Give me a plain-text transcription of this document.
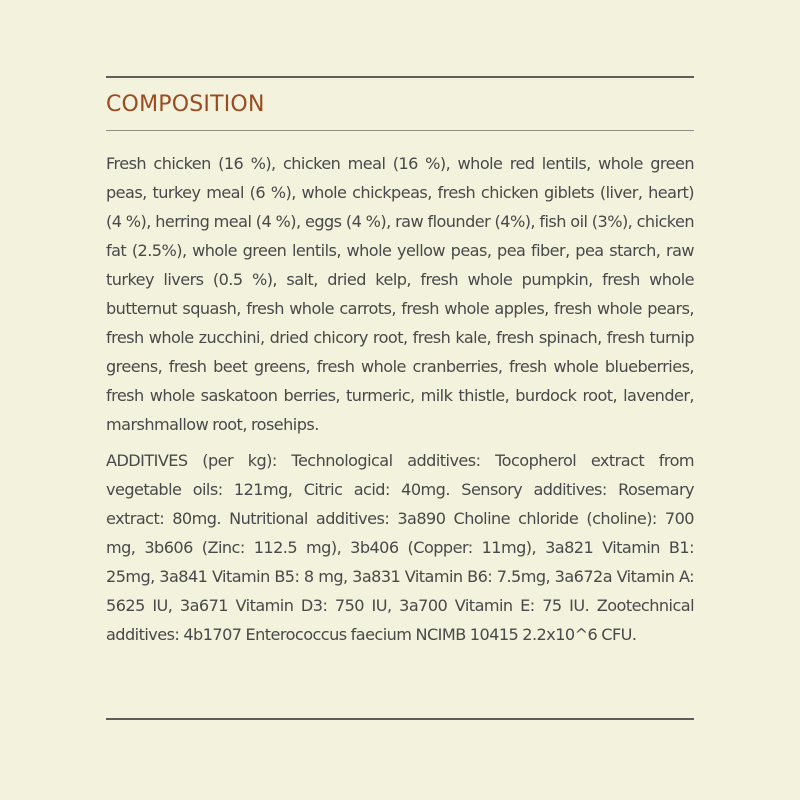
COMPOSITION

Fresh chicken (16 %), chicken meal (16 %), whole red lentils, whole green peas, turkey meal (6 %), whole chickpeas, fresh chicken giblets (liver, heart) (4 %), herring meal (4 %), eggs (4 %), raw flounder (4%), fish oil (3%), chicken fat (2.5%), whole green lentils, whole yellow peas, pea fiber, pea starch, raw turkey livers (0.5 %), salt, dried kelp, fresh whole pumpkin, fresh whole butternut squash, fresh whole carrots, fresh whole apples, fresh whole pears, fresh whole zucchini, dried chicory root, fresh kale, fresh spinach, fresh turnip greens, fresh beet greens, fresh whole cranberries, fresh whole blueberries, fresh whole saskatoon berries, turmeric, milk thistle, burdock root, lavender, marshmallow root, rosehips.

ADDITIVES (per kg): Technological additives: Tocopherol extract from vegetable oils: 121mg, Citric acid: 40mg. Sensory additives: Rosemary extract: 80mg. Nutritional additives: 3a890 Choline chloride (choline): 700 mg, 3b606 (Zinc: 112.5 mg), 3b406 (Copper: 11mg), 3a821 Vitamin B1: 25mg, 3a841 Vitamin B5: 8 mg, 3a831 Vitamin B6: 7.5mg, 3a672a Vitamin A: 5625 IU, 3a671 Vitamin D3: 750 IU, 3a700 Vitamin E: 75 IU. Zootechnical additives: 4b1707 Enterococcus faecium NCIMB 10415 2.2x10^6 CFU.
